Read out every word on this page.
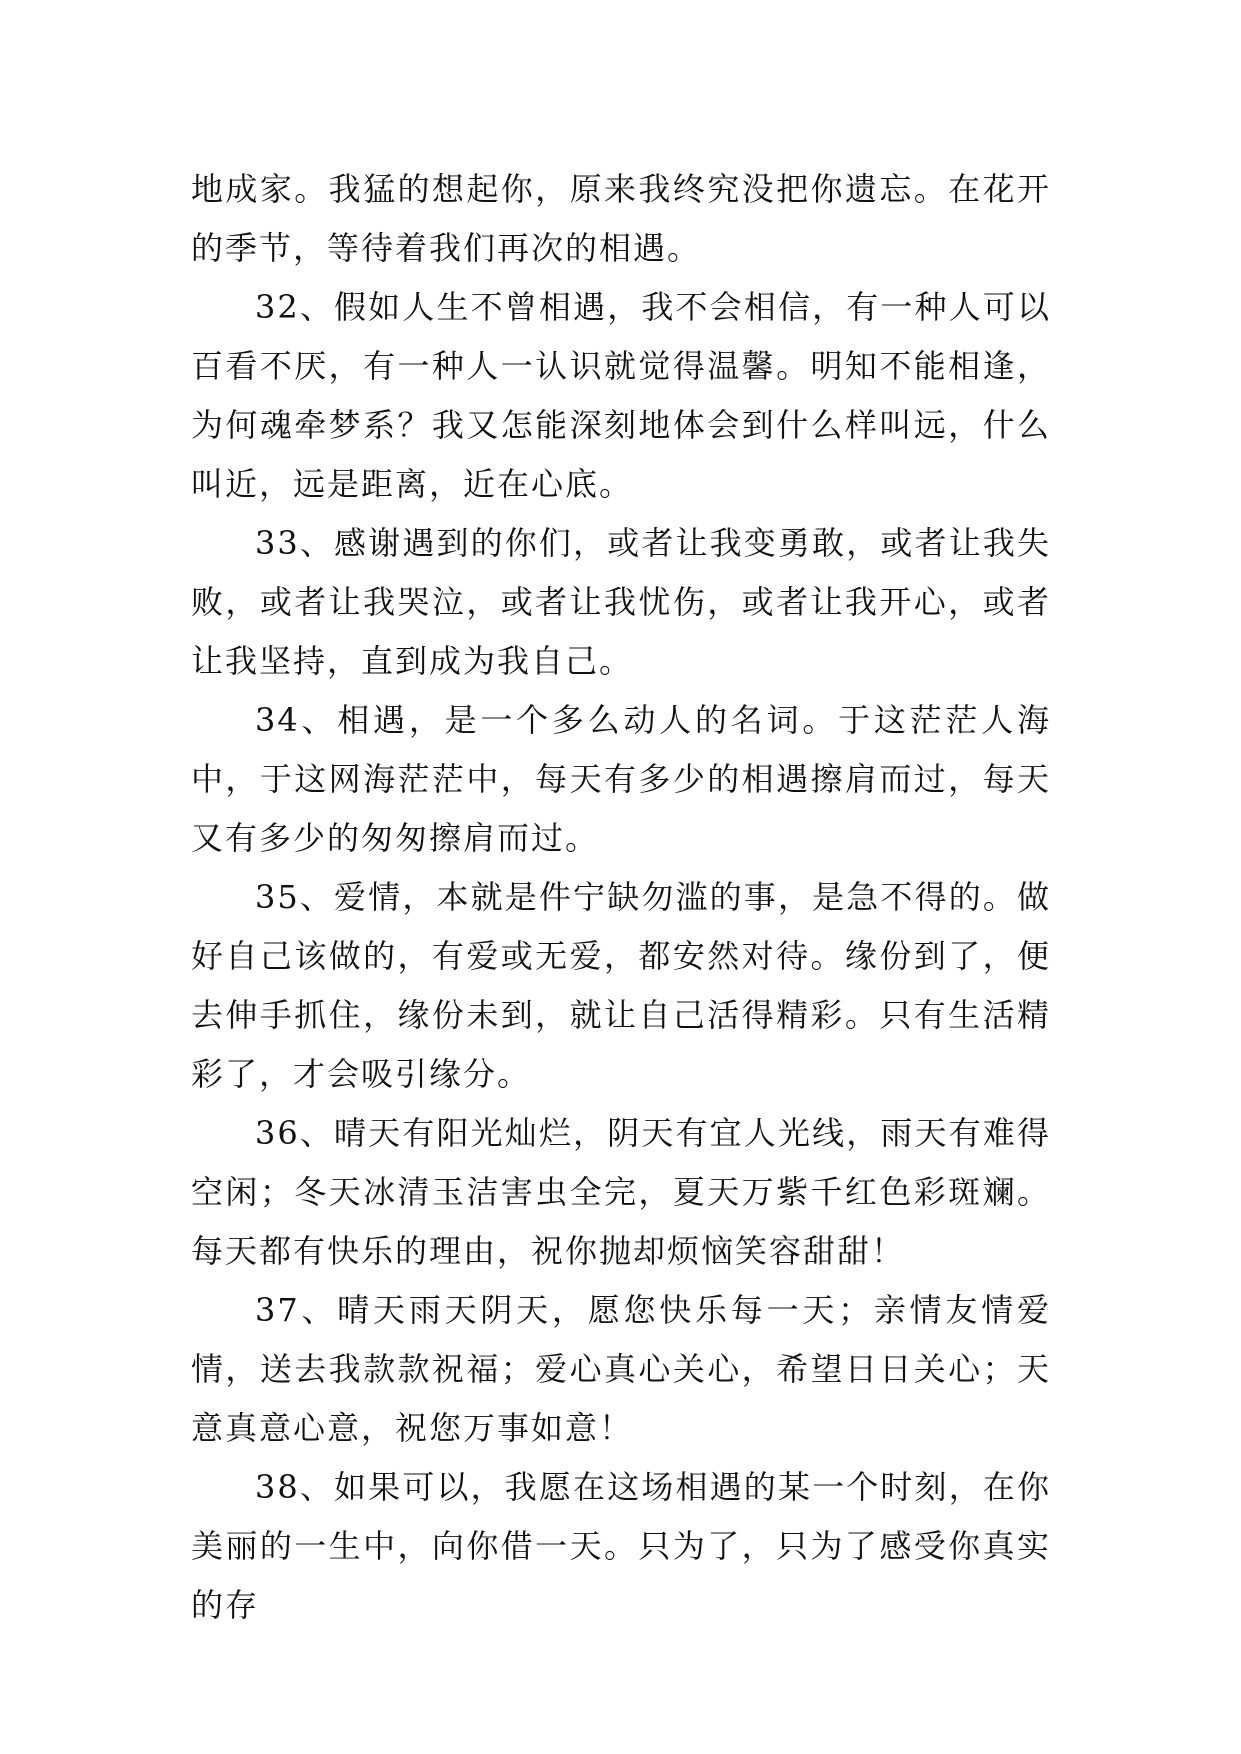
地成家。我猛的想起你，原来我终究没把你遗忘。在花开的季节，等待着我们再次的相遇。

32、假如人生不曾相遇，我不会相信，有一种人可以百看不厌，有一种人一认识就觉得温馨。明知不能相逢，为何魂牵梦系？我又怎能深刻地体会到什么样叫远，什么叫近，远是距离，近在心底。

33、感谢遇到的你们，或者让我变勇敢，或者让我失败，或者让我哭泣，或者让我忧伤，或者让我开心，或者让我坚持，直到成为我自己。

34、相遇，是一个多么动人的名词。于这茫茫人海中，于这网海茫茫中，每天有多少的相遇擦肩而过，每天又有多少的匆匆擦肩而过。

35、爱情，本就是件宁缺勿滥的事，是急不得的。做好自己该做的，有爱或无爱，都安然对待。缘份到了，便去伸手抓住，缘份未到，就让自己活得精彩。只有生活精彩了，才会吸引缘分。

36、晴天有阳光灿烂，阴天有宜人光线，雨天有难得空闲；冬天冰清玉洁害虫全完，夏天万紫千红色彩斑斓。每天都有快乐的理由，祝你抛却烦恼笑容甜甜！

37、晴天雨天阴天，愿您快乐每一天；亲情友情爱情，送去我款款祝福；爱心真心关心，希望日日关心；天意真意心意，祝您万事如意！

38、如果可以，我愿在这场相遇的某一个时刻，在你美丽的一生中，向你借一天。只为了，只为了感受你真实的存
